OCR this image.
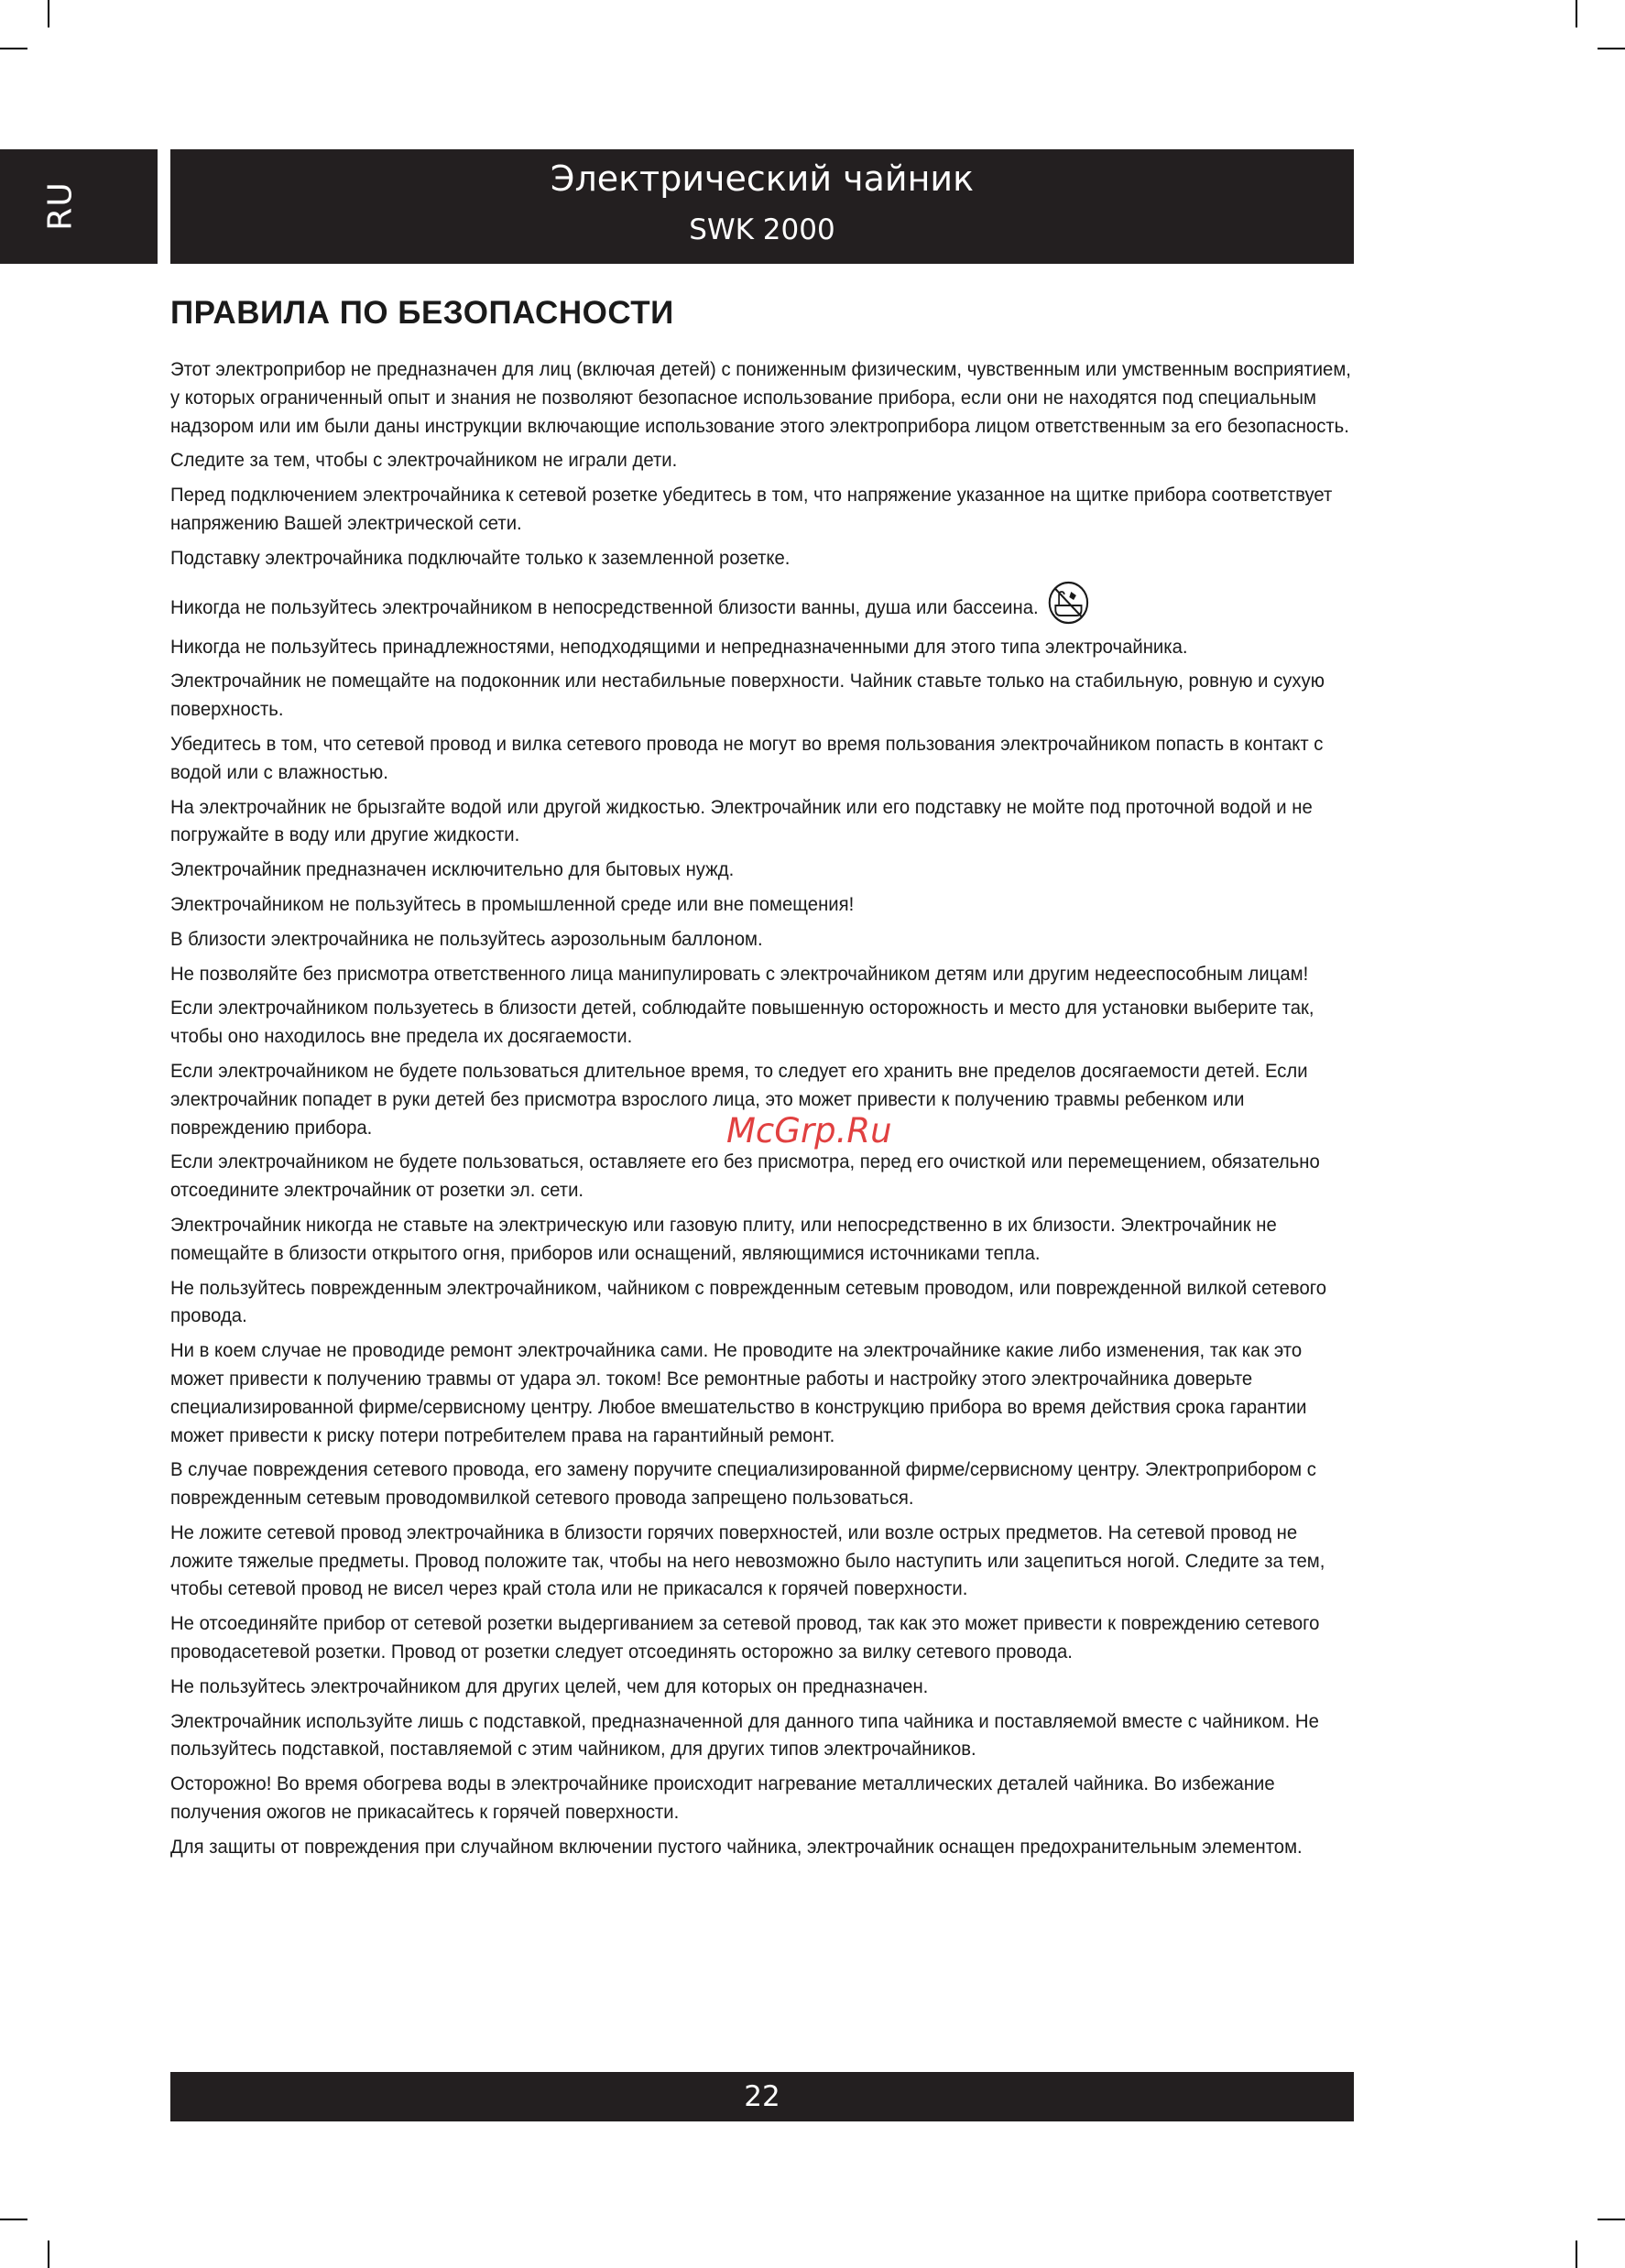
RU
Электрический чайник
SWK 2000
ПРАВИЛА ПО БЕЗОПАСНОСТИ

Этот электроприбор не предназначен для лиц (включая детей) с пониженным физическим, чувственным или умственным восприятием, у которых ограниченный опыт и знания не позволяют безопасное использование прибора, если они не находятся под специальным надзором или им были даны инструкции включающие использование этого электроприбора лицом ответственным за его безопасность.

Следите за тем, чтобы с электрочайником не играли дети.

Перед подключением электрочайника к сетевой розетке убедитесь в том, что напряжение указанное на щитке прибора соответствует напряжению Вашей электрической сети.

Подставку электрочайника подключайте только к заземленной розетке.

Никогда не пользуйтесь электрочайником в непосредственной близости ванны, душа или бассеина.

Никогда не пользуйтесь принадлежностями, неподходящими и непредназначенными для этого типа электрочайника.

Электрочайник не помещайте на подоконник или нестабильные поверхности. Чайник ставьте только на стабильную, ровную и сухую поверхность.

Убедитесь в том, что сетевой провод и вилка сетевого провода не могут во время пользования электрочайником попасть в контакт с водой или с влажностью.

На электрочайник не брызгайте водой или другой жидкостью. Электрочайник или его подставку не мойте под проточной водой и не погружайте в воду или другие жидкости.

Электрочайник предназначен исключительно для бытовых нужд.

Электрочайником не пользуйтесь в промышленной среде или вне помещения!

В близости электрочайника не пользуйтесь аэрозольным баллоном.

Не позволяйте без присмотра ответственного лица манипулировать с электрочайником детям или другим недееспособным лицам!

Если электрочайником пользуетесь в близости детей, соблюдайте повышенную осторожность и место для установки выберите так, чтобы оно находилось вне предела их досягаемости.

Если электрочайником не будете пользоваться длительное время, то следует его хранить вне пределов досягаемости детей. Если электрочайник попадет в руки детей без присмотра взрослого лица, это может привести к получению травмы ребенком или повреждению прибора.

Если электрочайником не будете пользоваться, оставляете его без присмотра, перед его очисткой или перемещением, обязательно отсоедините электрочайник от розетки эл. сети.

Электрочайник никогда не ставьте на электрическую или газовую плиту, или непосредственно в их близости. Электрочайник не помещайте в близости открытого огня, приборов или оснащений, являющимися источниками тепла.

Не пользуйтесь поврежденным электрочайником, чайником с поврежденным сетевым проводом, или поврежденной вилкой сетевого провода.

Ни в коем случае не проводиде ремонт электрочайника сами. Не проводите на электрочайнике какие либо изменения, так как это может привести к получению травмы от удара эл. током! Все ремонтные работы и настройку этого электрочайника доверьте специализированной фирме/сервисному центру. Любое вмешательство в конструкцию прибора во время действия срока гарантии может привести к риску потери потребителем права на гарантийный ремонт.

В случае повреждения сетевого провода, его замену поручите специализированной фирме/сервисному центру. Электроприбором с поврежденным сетевым проводомвилкой сетевого провода запрещено пользоваться.

Не ложите сетевой провод электрочайника в близости горячих поверхностей, или возле острых предметов. На сетевой провод не ложите тяжелые предметы. Провод положите так, чтобы на него невозможно было наступить или зацепиться ногой. Следите за тем, чтобы сетевой провод не висел через край стола или не прикасался к горячей поверхности.

Не отсоединяйте прибор от сетевой розетки выдергиванием за сетевой провод, так как это может привести к повреждению сетевого проводасетевой розетки. Провод от розетки следует отсоединять осторожно за вилку сетевого провода.

Не пользуйтесь электрочайником для других целей, чем для которых он предназначен.

Электрочайник используйте лишь с подставкой, предназначенной для данного типа чайника и поставляемой вместе с чайником. Не пользуйтесь подставкой, поставляемой с этим чайником, для других типов электрочайников.

Осторожно! Во время обогрева воды в электрочайнике происходит нагревание металлических деталей чайника. Во избежание получения ожогов не прикасайтесь к горячей поверхности.

Для защиты от повреждения при случайном включении пустого чайника, электрочайник оснащен предохранительным элементом.

McGrp.Ru
22
